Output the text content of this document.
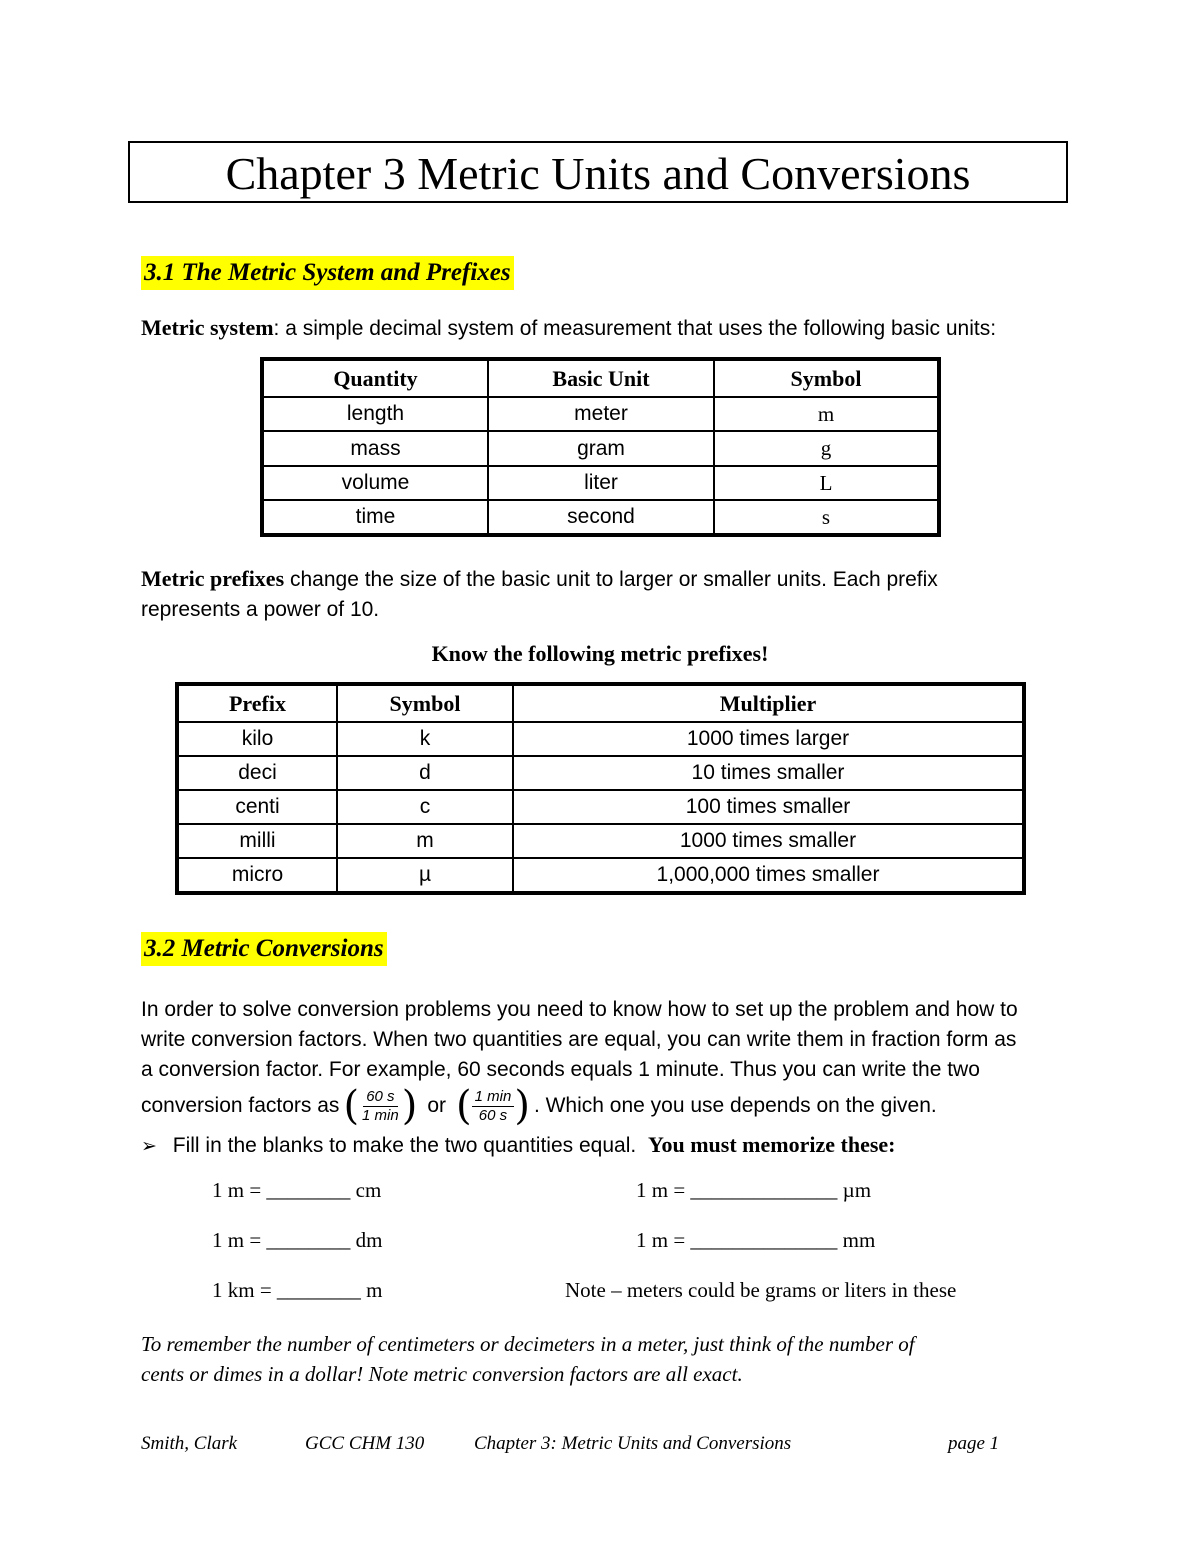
Chapter 3 Metric Units and Conversions
3.1 The Metric System and Prefixes
Metric system: a simple decimal system of measurement that uses the following basic units:
Quantity	Basic Unit	Symbol
length	meter	m
mass	gram	g
volume	liter	L
time	second	s
Metric prefixes change the size of the basic unit to larger or smaller units. Each prefix
represents a power of 10.
Know the following metric prefixes!
Prefix	Symbol	Multiplier
kilo	k	1000 times larger
deci	d	10 times smaller
centi	c	100 times smaller
milli	m	1000 times smaller
micro	µ	1,000,000 times smaller
3.2 Metric Conversions
In order to solve conversion problems you need to know how to set up the problem and how to
write conversion factors. When two quantities are equal, you can write them in fraction form as
a conversion factor. For example, 60 seconds equals 1 minute. Thus you can write the two
conversion factors as ( $\frac{60 s}{1 \min}$ ) or ( $\frac{1 \min}{60 s}$ ) . Which one you use depends on the given.
➢ Fill in the blanks to make the two quantities equal. You must memorize these:
1 m = ________ cm	1 m = ______________ µm
1 m = ________ dm	1 m = ______________ mm
1 km = ________ m	Note – meters could be grams or liters in these
To remember the number of centimeters or decimeters in a meter, just think of the number of
cents or dimes in a dollar! Note metric conversion factors are all exact.
Smith, Clark	GCC CHM 130	Chapter 3: Metric Units and Conversions	page 1
